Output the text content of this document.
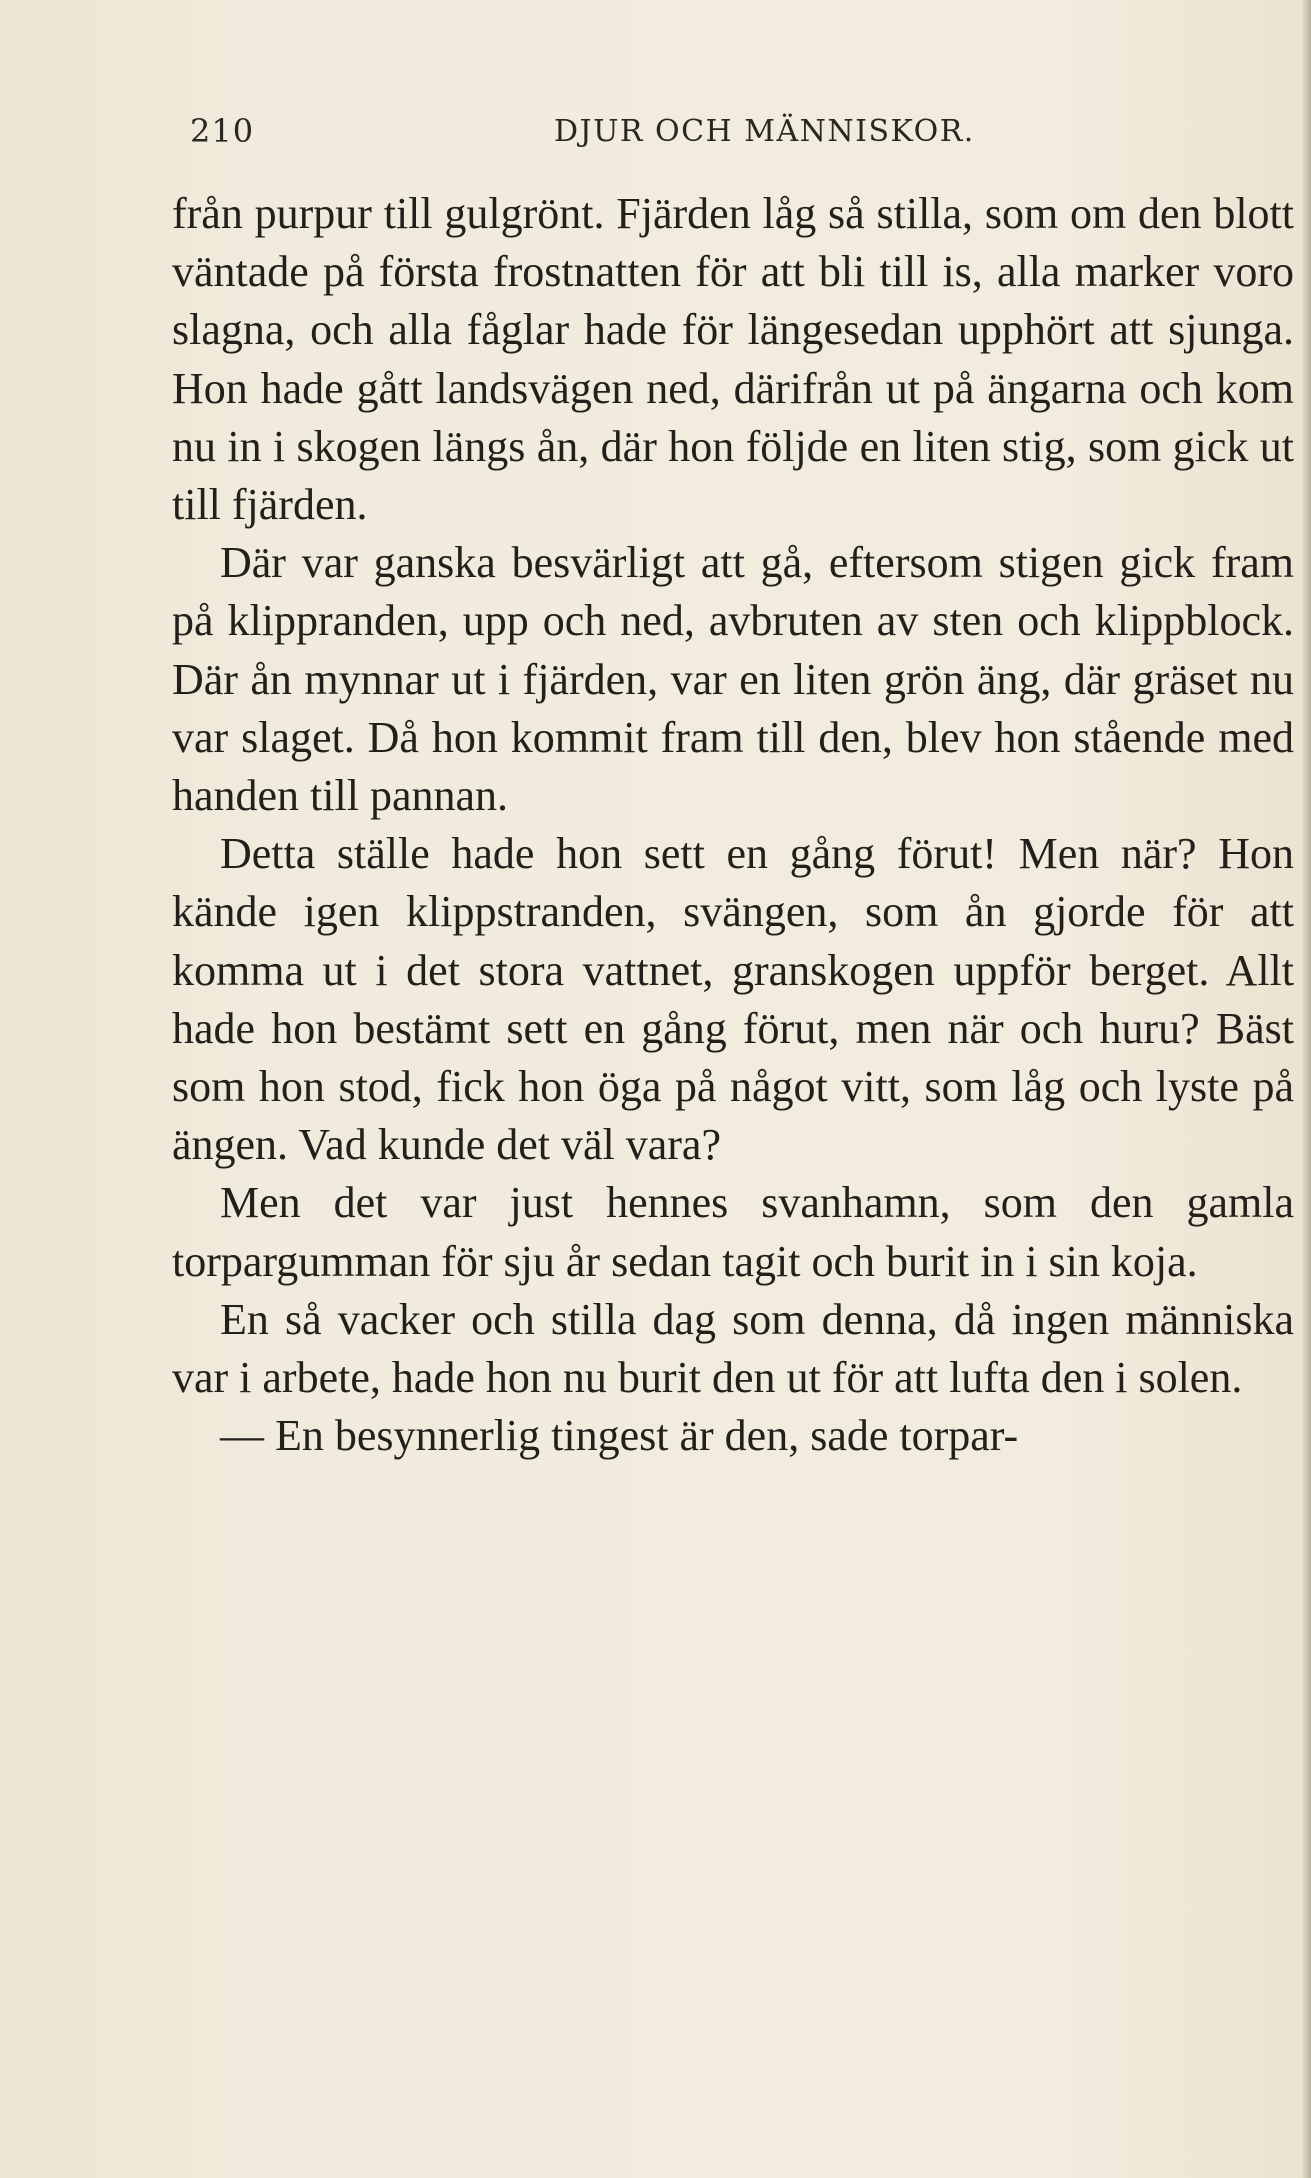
210	DJUR OCH MÄNNISKOR.

från purpur till gulgrönt. Fjärden låg så stilla, som om den blott väntade på första frostnatten för att bli till is, alla marker voro slagna, och alla fåglar hade för längesedan upphört att sjunga. Hon hade gått landsvägen ned, därifrån ut på ängarna och kom nu in i skogen längs ån, där hon följde en liten stig, som gick ut till fjärden.

Där var ganska besvärligt att gå, eftersom stigen gick fram på klippranden, upp och ned, avbruten av sten och klippblock. Där ån mynnar ut i fjärden, var en liten grön äng, där gräset nu var slaget. Då hon kommit fram till den, blev hon stående med handen till pannan.

Detta ställe hade hon sett en gång förut! Men när? Hon kände igen klippstranden, svängen, som ån gjorde för att komma ut i det stora vattnet, granskogen uppför berget. Allt hade hon bestämt sett en gång förut, men när och huru? Bäst som hon stod, fick hon öga på något vitt, som låg och lyste på ängen. Vad kunde det väl vara?

Men det var just hennes svanhamn, som den gamla torpargumman för sju år sedan tagit och burit in i sin koja.

En så vacker och stilla dag som denna, då ingen människa var i arbete, hade hon nu burit den ut för att lufta den i solen.

— En besynnerlig tingest är den, sade torpar-
